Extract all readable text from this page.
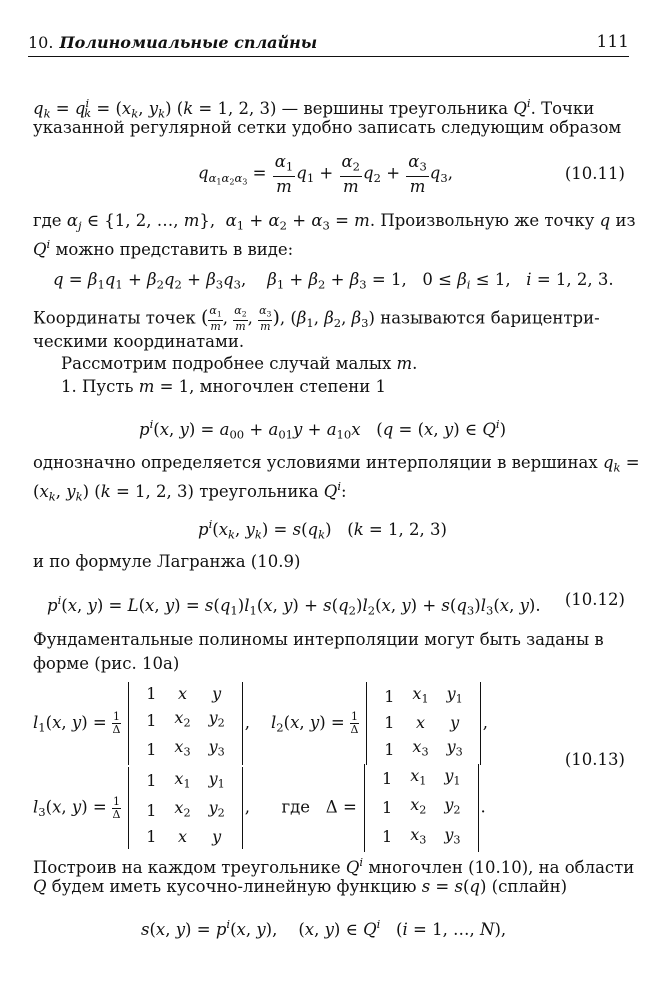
10. Полиномиальные сплайны	111
$q_k = q^i_k = (x_k$, $y_k$) (k = 1, 2, 3) — вершины треугольника $Q^i$. Точки
указанной регулярной сетки удобно записать следующим образом
$q_{\alpha_1\alpha_2\alpha_3} = \frac{\alpha_1}{m} q_1 + \frac{\alpha_2}{m} q_2 + \frac{\alpha_3}{m} q_3$,	(10.11)
где $\alpha_j$ ∈ {1, 2, …, m},  $\alpha_1 + \alpha_2 + \alpha_3 = m$. Произвольную же точку q из
$Q^i$ можно представить в виде:
$q = \beta_1q_1 + \beta_2q_2 + \beta_3q_3$,    $\beta_1 + \beta_2 + \beta_3 = 1$,   $0 \le \beta_i \le 1$,   i = 1, 2, 3.
Координаты точек ( $\frac{\alpha_1}{m}$ , $\frac{\alpha_2}{m}$ , $\frac{\alpha_3}{m}$ ), ($\beta_1$, $\beta_2$, $\beta_3$) называются барицентри-
ческими координатами.
Рассмотрим подробнее случай малых m.
1. Пусть m = 1, многочлен степени 1
$p^i(x$, $y) = a_{00} + a_{01}y + a_{10}x$   (q = (x, y) ∈ $Q^i$)
однозначно определяется условиями интерполяции в вершинах $q_k$ =
($x_k$, $y_k$) (k = 1, 2, 3) треугольника $Q^i$:
$p^i(x_k$, $y_k) = s(q_k)$   (k = 1, 2, 3)
и по формуле Лагранжа (10.9)
$p^i(x$, y) = L(x, $y) = s(q_1)l_1(x$, $y) + s(q_2)l_2(x$, $y) + s(q_3)l_3(x$, y). (10.12)
Фундаментальные полиномы интерполяции могут быть заданы в
форме (рис. 10а)
$l_1(x$, $y) = \frac{1}{\Delta}$

1	x	y
1	$x_2$	$y_2$
1	$x_3$	$y_3$
,    $l_2(x$, $y) = \frac{1}{\Delta}$

1	$x_1$	$y_1$
1	x	y
1	$x_3$	$y_3$
,
(10.13)
$l_3(x$, $y) = \frac{1}{\Delta}$

1	$x_1$	$y_1$
1	$x_2$	$y_2$
1	x	y
,      где   Δ =
1	$x_1$	$y_1$
1	$x_2$	$y_2$
1	$x_3$	$y_3$
.
Построив на каждом треугольнике $Q^i$ многочлен (10.10), на области
Q будем иметь кусочно-линейную функцию s = s(q) (сплайн)
s(x, $y) = p^i(x$, y),    (x, y) ∈ $Q^i$   (i = 1, …, N),
